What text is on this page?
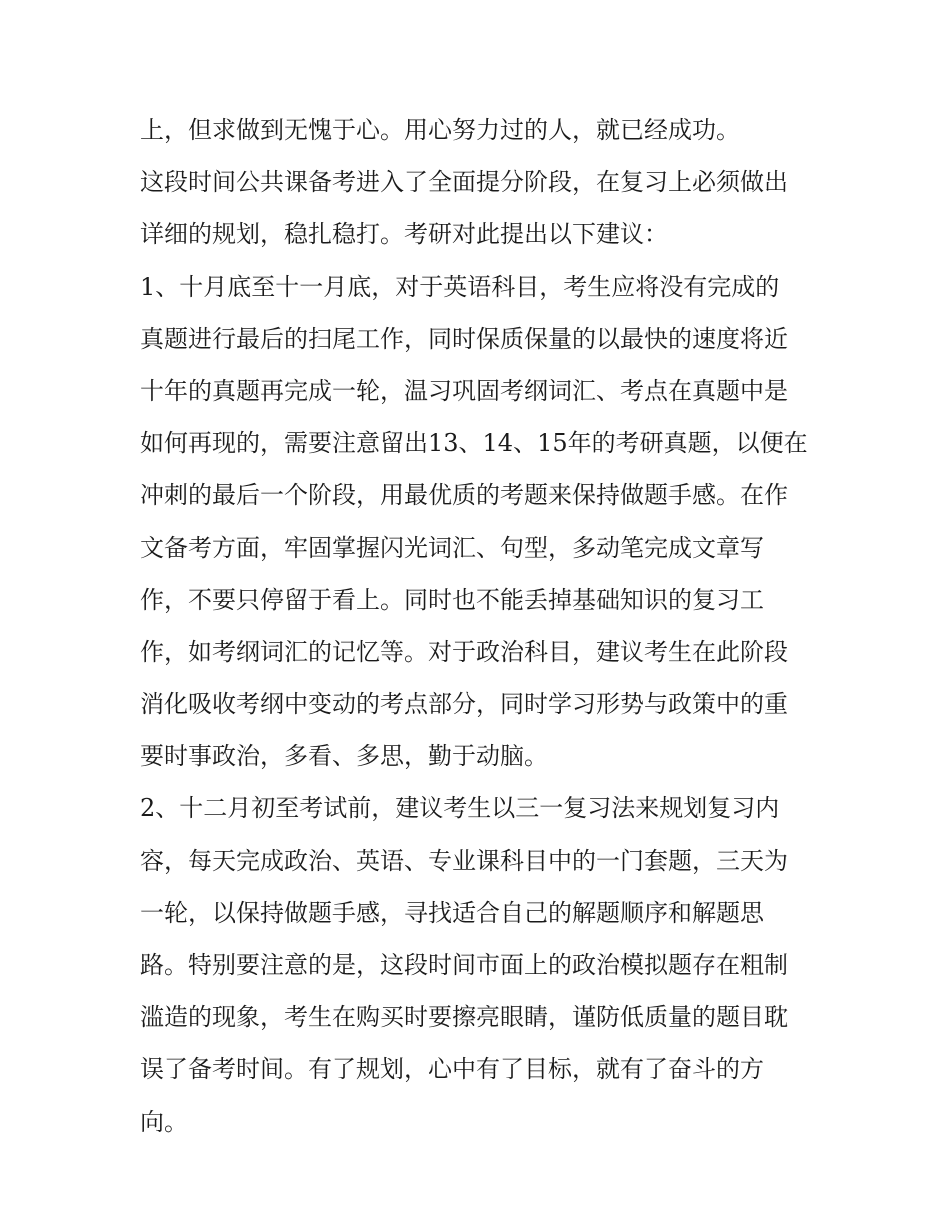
上，但求做到无愧于心。用心努力过的人，就已经成功。
这段时间公共课备考进入了全面提分阶段，在复习上必须做出
详细的规划，稳扎稳打。考研对此提出以下建议：
1、十月底至十一月底，对于英语科目，考生应将没有完成的
真题进行最后的扫尾工作，同时保质保量的以最快的速度将近
十年的真题再完成一轮，温习巩固考纲词汇、考点在真题中是
如何再现的，需要注意留出13、14、15年的考研真题，以便在
冲刺的最后一个阶段，用最优质的考题来保持做题手感。在作
文备考方面，牢固掌握闪光词汇、句型，多动笔完成文章写
作，不要只停留于看上。同时也不能丢掉基础知识的复习工
作，如考纲词汇的记忆等。对于政治科目，建议考生在此阶段
消化吸收考纲中变动的考点部分，同时学习形势与政策中的重
要时事政治，多看、多思，勤于动脑。
2、十二月初至考试前，建议考生以三一复习法来规划复习内
容，每天完成政治、英语、专业课科目中的一门套题，三天为
一轮，以保持做题手感，寻找适合自己的解题顺序和解题思
路。特别要注意的是，这段时间市面上的政治模拟题存在粗制
滥造的现象，考生在购买时要擦亮眼睛，谨防低质量的题目耽
误了备考时间。有了规划，心中有了目标，就有了奋斗的方
向。
